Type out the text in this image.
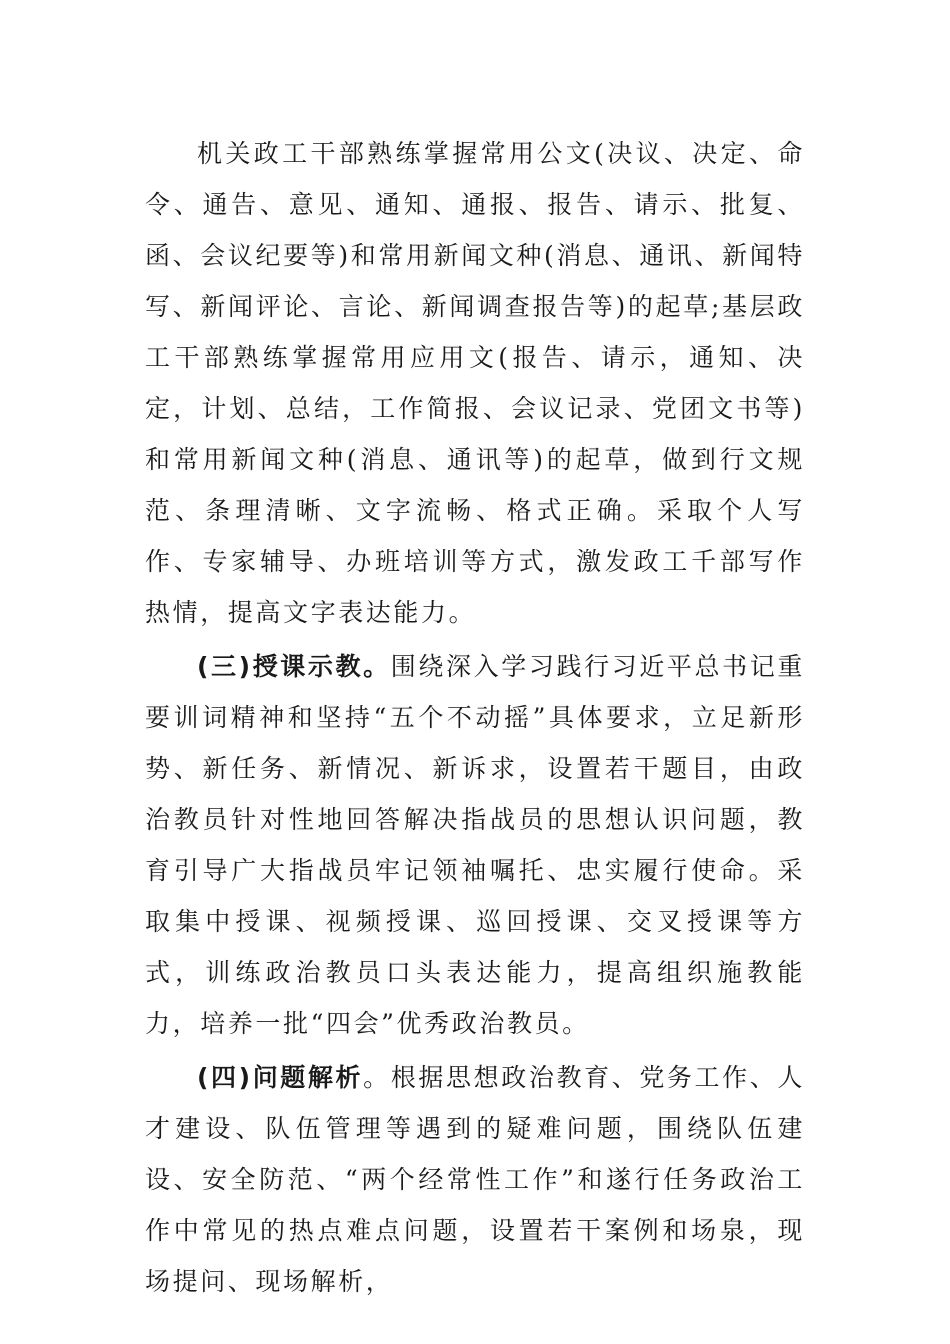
机关政工干部熟练掌握常用公文(决议、决定、命令、通告、意见、通知、通报、报告、请示、批复、函、会议纪要等)和常用新闻文种(消息、通讯、新闻特写、新闻评论、言论、新闻调查报告等)的起草;基层政工干部熟练掌握常用应用文(报告、请示，通知、决定，计划、总结，工作简报、会议记录、党团文书等)和常用新闻文种(消息、通讯等)的起草，做到行文规范、条理清晰、文字流畅、格式正确。采取个人写作、专家辅导、办班培训等方式，激发政工千部写作热情，提高文字表达能力。

(三)授课示教。围绕深入学习践行习近平总书记重要训词精神和坚持“五个不动摇”具体要求，立足新形势、新任务、新情况、新诉求，设置若干题目，由政治教员针对性地回答解决指战员的思想认识问题，教育引导广大指战员牢记领袖嘱托、忠实履行使命。采取集中授课、视频授课、巡回授课、交叉授课等方式，训练政治教员口头表达能力，提高组织施教能力，培养一批“四会”优秀政治教员。

(四)问题解析。根据思想政治教育、党务工作、人才建设、队伍管理等遇到的疑难问题，围绕队伍建设、安全防范、“两个经常性工作”和遂行任务政治工作中常见的热点难点问题，设置若干案例和场泉，现场提问、现场解析，
